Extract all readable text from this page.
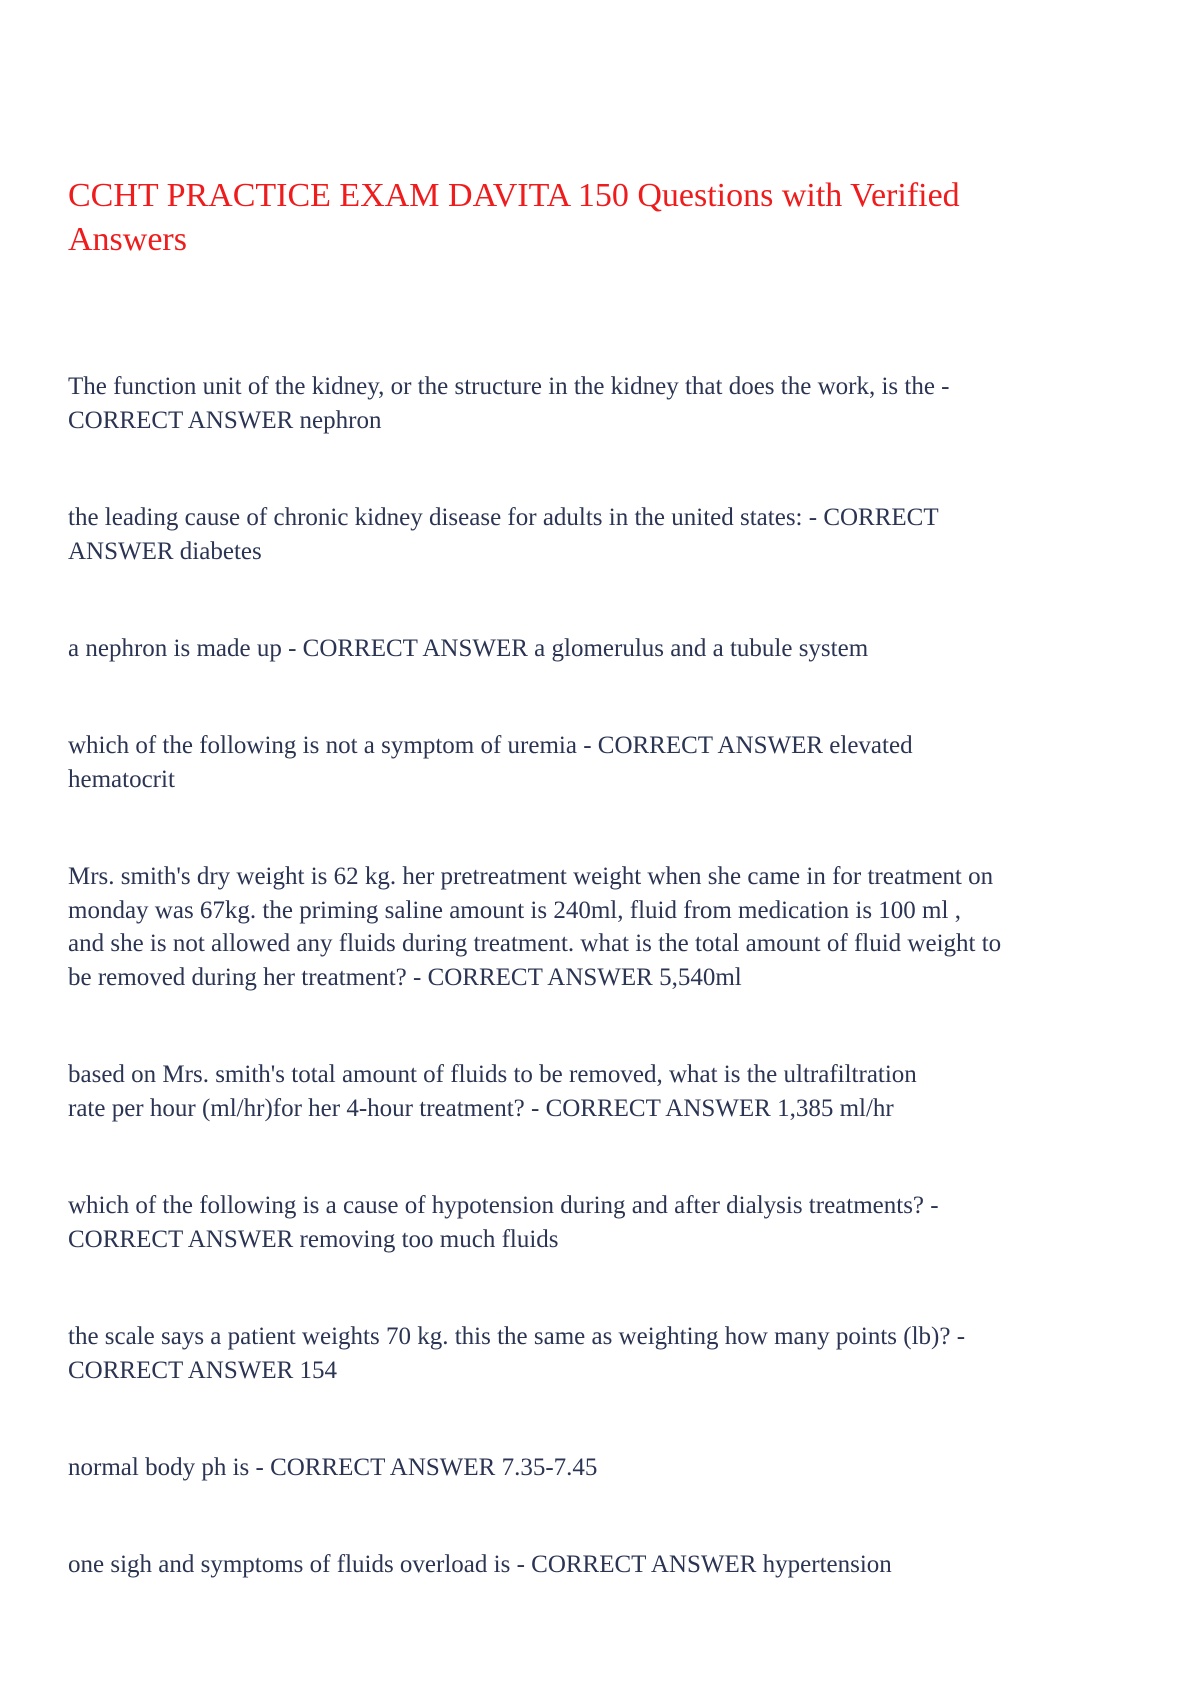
CCHT PRACTICE EXAM DAVITA 150 Questions with Verified
Answers

The function unit of the kidney, or the structure in the kidney that does the work, is the -
CORRECT ANSWER nephron

the leading cause of chronic kidney disease for adults in the united states: - CORRECT
ANSWER diabetes

a nephron is made up - CORRECT ANSWER a glomerulus and a tubule system

which of the following is not a symptom of uremia - CORRECT ANSWER elevated
hematocrit

Mrs. smith's dry weight is 62 kg. her pretreatment weight when she came in for treatment on
monday was 67kg. the priming saline amount is 240ml, fluid from medication is 100 ml ,
and she is not allowed any fluids during treatment. what is the total amount of fluid weight to
be removed during her treatment? - CORRECT ANSWER 5,540ml

based on Mrs. smith's total amount of fluids to be removed, what is the ultrafiltration
rate per hour (ml/hr)for her 4-hour treatment? - CORRECT ANSWER 1,385 ml/hr

which of the following is a cause of hypotension during and after dialysis treatments? -
CORRECT ANSWER removing too much fluids

the scale says a patient weights 70 kg. this the same as weighting how many points (lb)? -
CORRECT ANSWER 154

normal body ph is - CORRECT ANSWER 7.35-7.45

one sigh and symptoms of fluids overload is - CORRECT ANSWER hypertension
